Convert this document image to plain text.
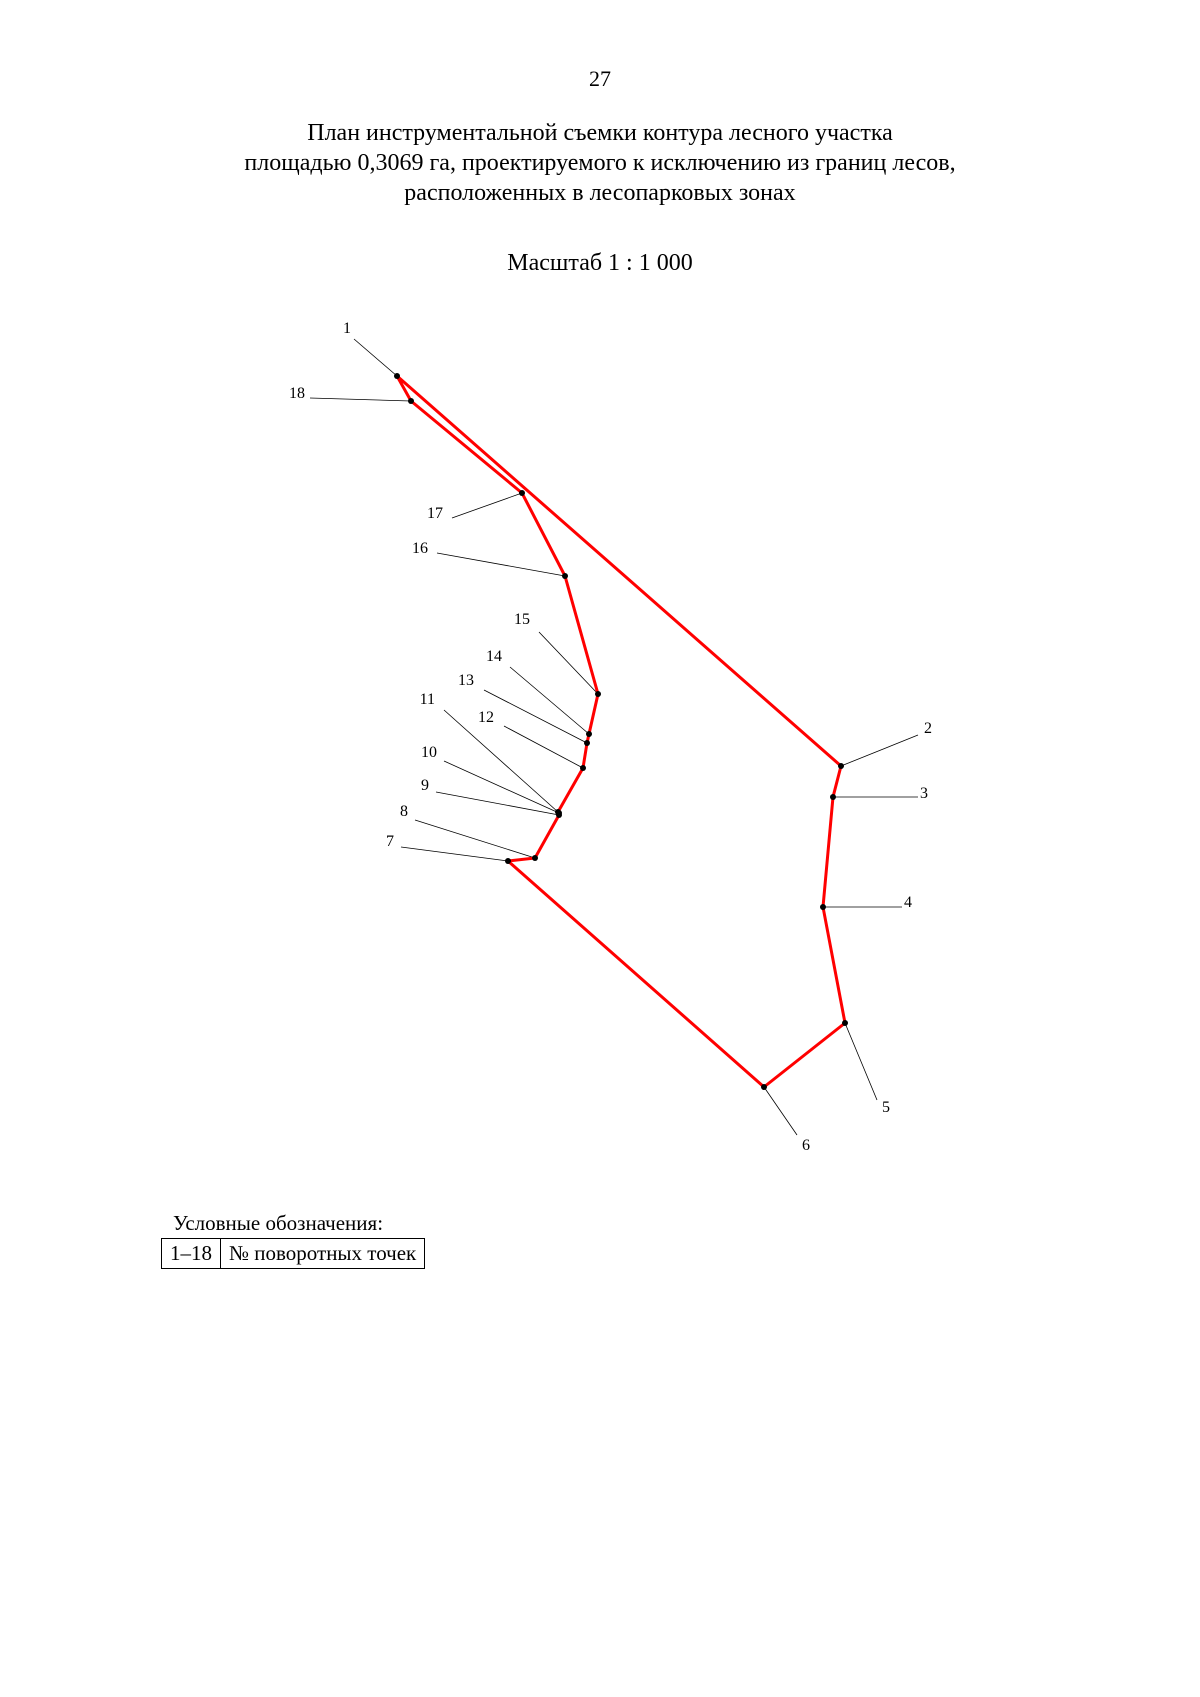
27
План инструментальной съемки контура лесного участка
площадью 0,3069 га, проектируемого к исключению из границ лесов,
расположенных в лесопарковых зонах
Масштаб 1 : 1 000
1
2
3
4
5
6
7
8
9
10
11
12
13
14
15
16
17
18
Условные обозначения:
1–18	№ поворотных точек
